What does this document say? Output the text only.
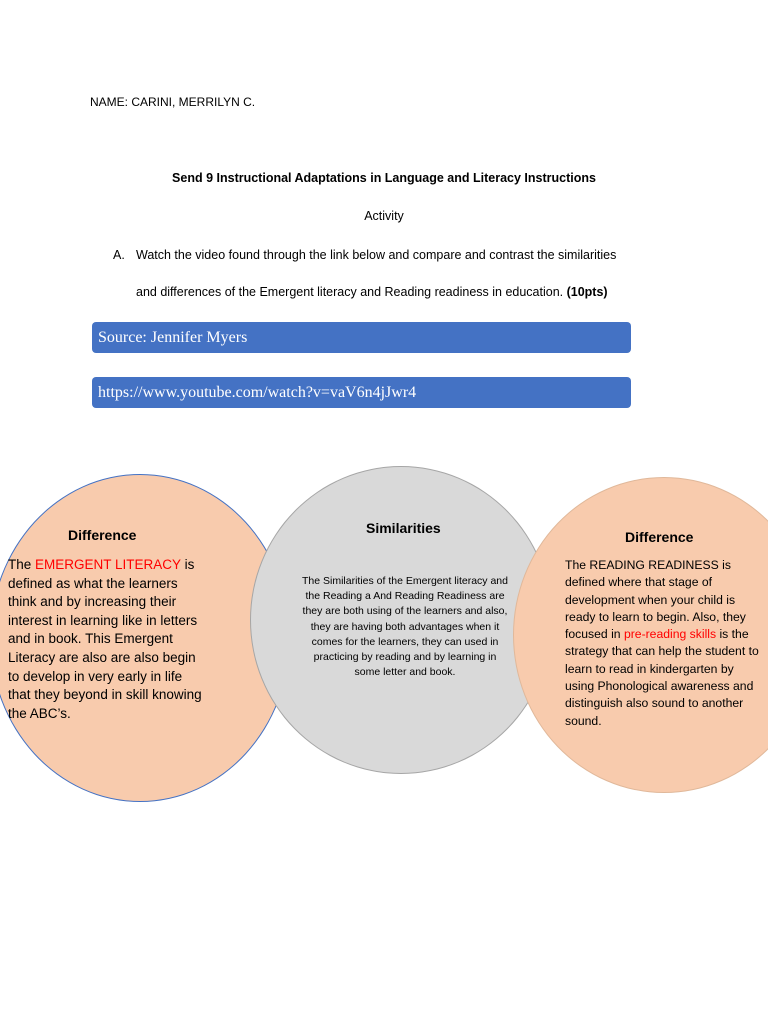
NAME: CARINI, MERRILYN C.
Send 9 Instructional Adaptations in Language and Literacy Instructions
Activity
A. Watch the video found through the link below and compare and contrast the similarities
and differences of the Emergent literacy and Reading readiness in education. (10pts)
Source: Jennifer Myers
https://www.youtube.com/watch?v=vaV6n4jJwr4
Difference
The EMERGENT LITERACY is defined as what the learners think and by increasing their interest in learning like in letters and in book. This Emergent Literacy are also are also begin to develop in very early in life that they beyond in skill knowing the ABC’s.
Similarities
The Similarities of the Emergent literacy and the Reading a And Reading Readiness are they are both using of the learners and also, they are having both advantages when it comes for the learners, they can used in practicing by reading and by learning in some letter and book.
Difference
The READING READINESS is defined where that stage of development when your child is ready to learn to begin. Also, they focused in pre-reading skills is the strategy that can help the student to learn to read in kindergarten by using Phonological awareness and distinguish also sound to another sound.
